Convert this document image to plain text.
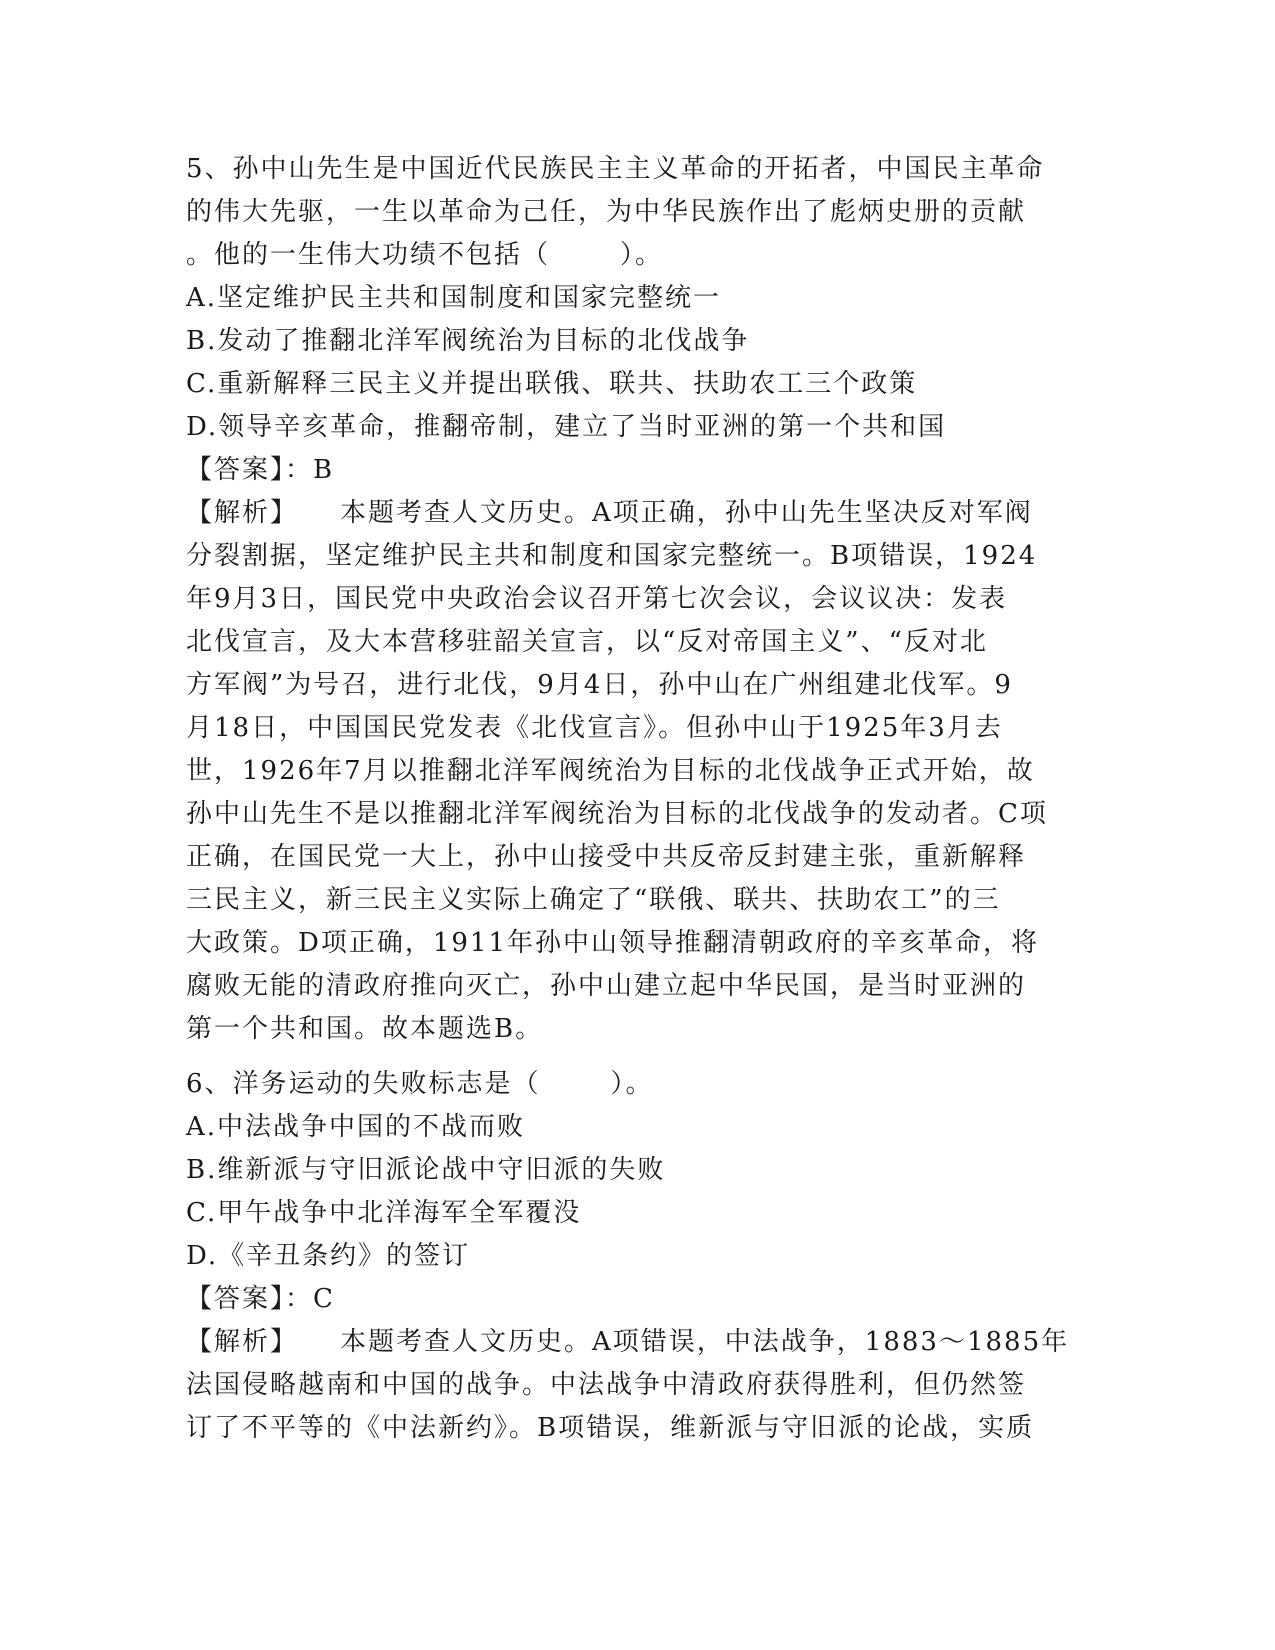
5、孙中山先生是中国近代民族民主主义革命的开拓者，中国民主革命
的伟大先驱，一生以革命为己任，为中华民族作出了彪炳史册的贡献
。他的一生伟大功绩不包括（	）。
A.坚定维护民主共和国制度和国家完整统一
B.发动了推翻北洋军阀统治为目标的北伐战争
C.重新解释三民主义并提出联俄、联共、扶助农工三个政策
D.领导辛亥革命，推翻帝制，建立了当时亚洲的第一个共和国
【答案】：B
【解析】 本题考查人文历史。A项正确，孙中山先生坚决反对军阀
分裂割据，坚定维护民主共和制度和国家完整统一。B项错误，1924
年9月3日，国民党中央政治会议召开第七次会议，会议议决：发表
北伐宣言，及大本营移驻韶关宣言，以“反对帝国主义”、“反对北
方军阀”为号召，进行北伐，9月4日，孙中山在广州组建北伐军。9
月18日，中国国民党发表《北伐宣言》。但孙中山于1925年3月去
世，1926年7月以推翻北洋军阀统治为目标的北伐战争正式开始，故
孙中山先生不是以推翻北洋军阀统治为目标的北伐战争的发动者。C项
正确，在国民党一大上，孙中山接受中共反帝反封建主张，重新解释
三民主义，新三民主义实际上确定了“联俄、联共、扶助农工”的三
大政策。D项正确，1911年孙中山领导推翻清朝政府的辛亥革命，将
腐败无能的清政府推向灭亡，孙中山建立起中华民国，是当时亚洲的
第一个共和国。故本题选B。
6、洋务运动的失败标志是（	）。
A.中法战争中国的不战而败
B.维新派与守旧派论战中守旧派的失败
C.甲午战争中北洋海军全军覆没
D.《辛丑条约》的签订
【答案】：C
【解析】 本题考查人文历史。A项错误，中法战争，1883～1885年
法国侵略越南和中国的战争。中法战争中清政府获得胜利，但仍然签
订了不平等的《中法新约》。B项错误，维新派与守旧派的论战，实质
